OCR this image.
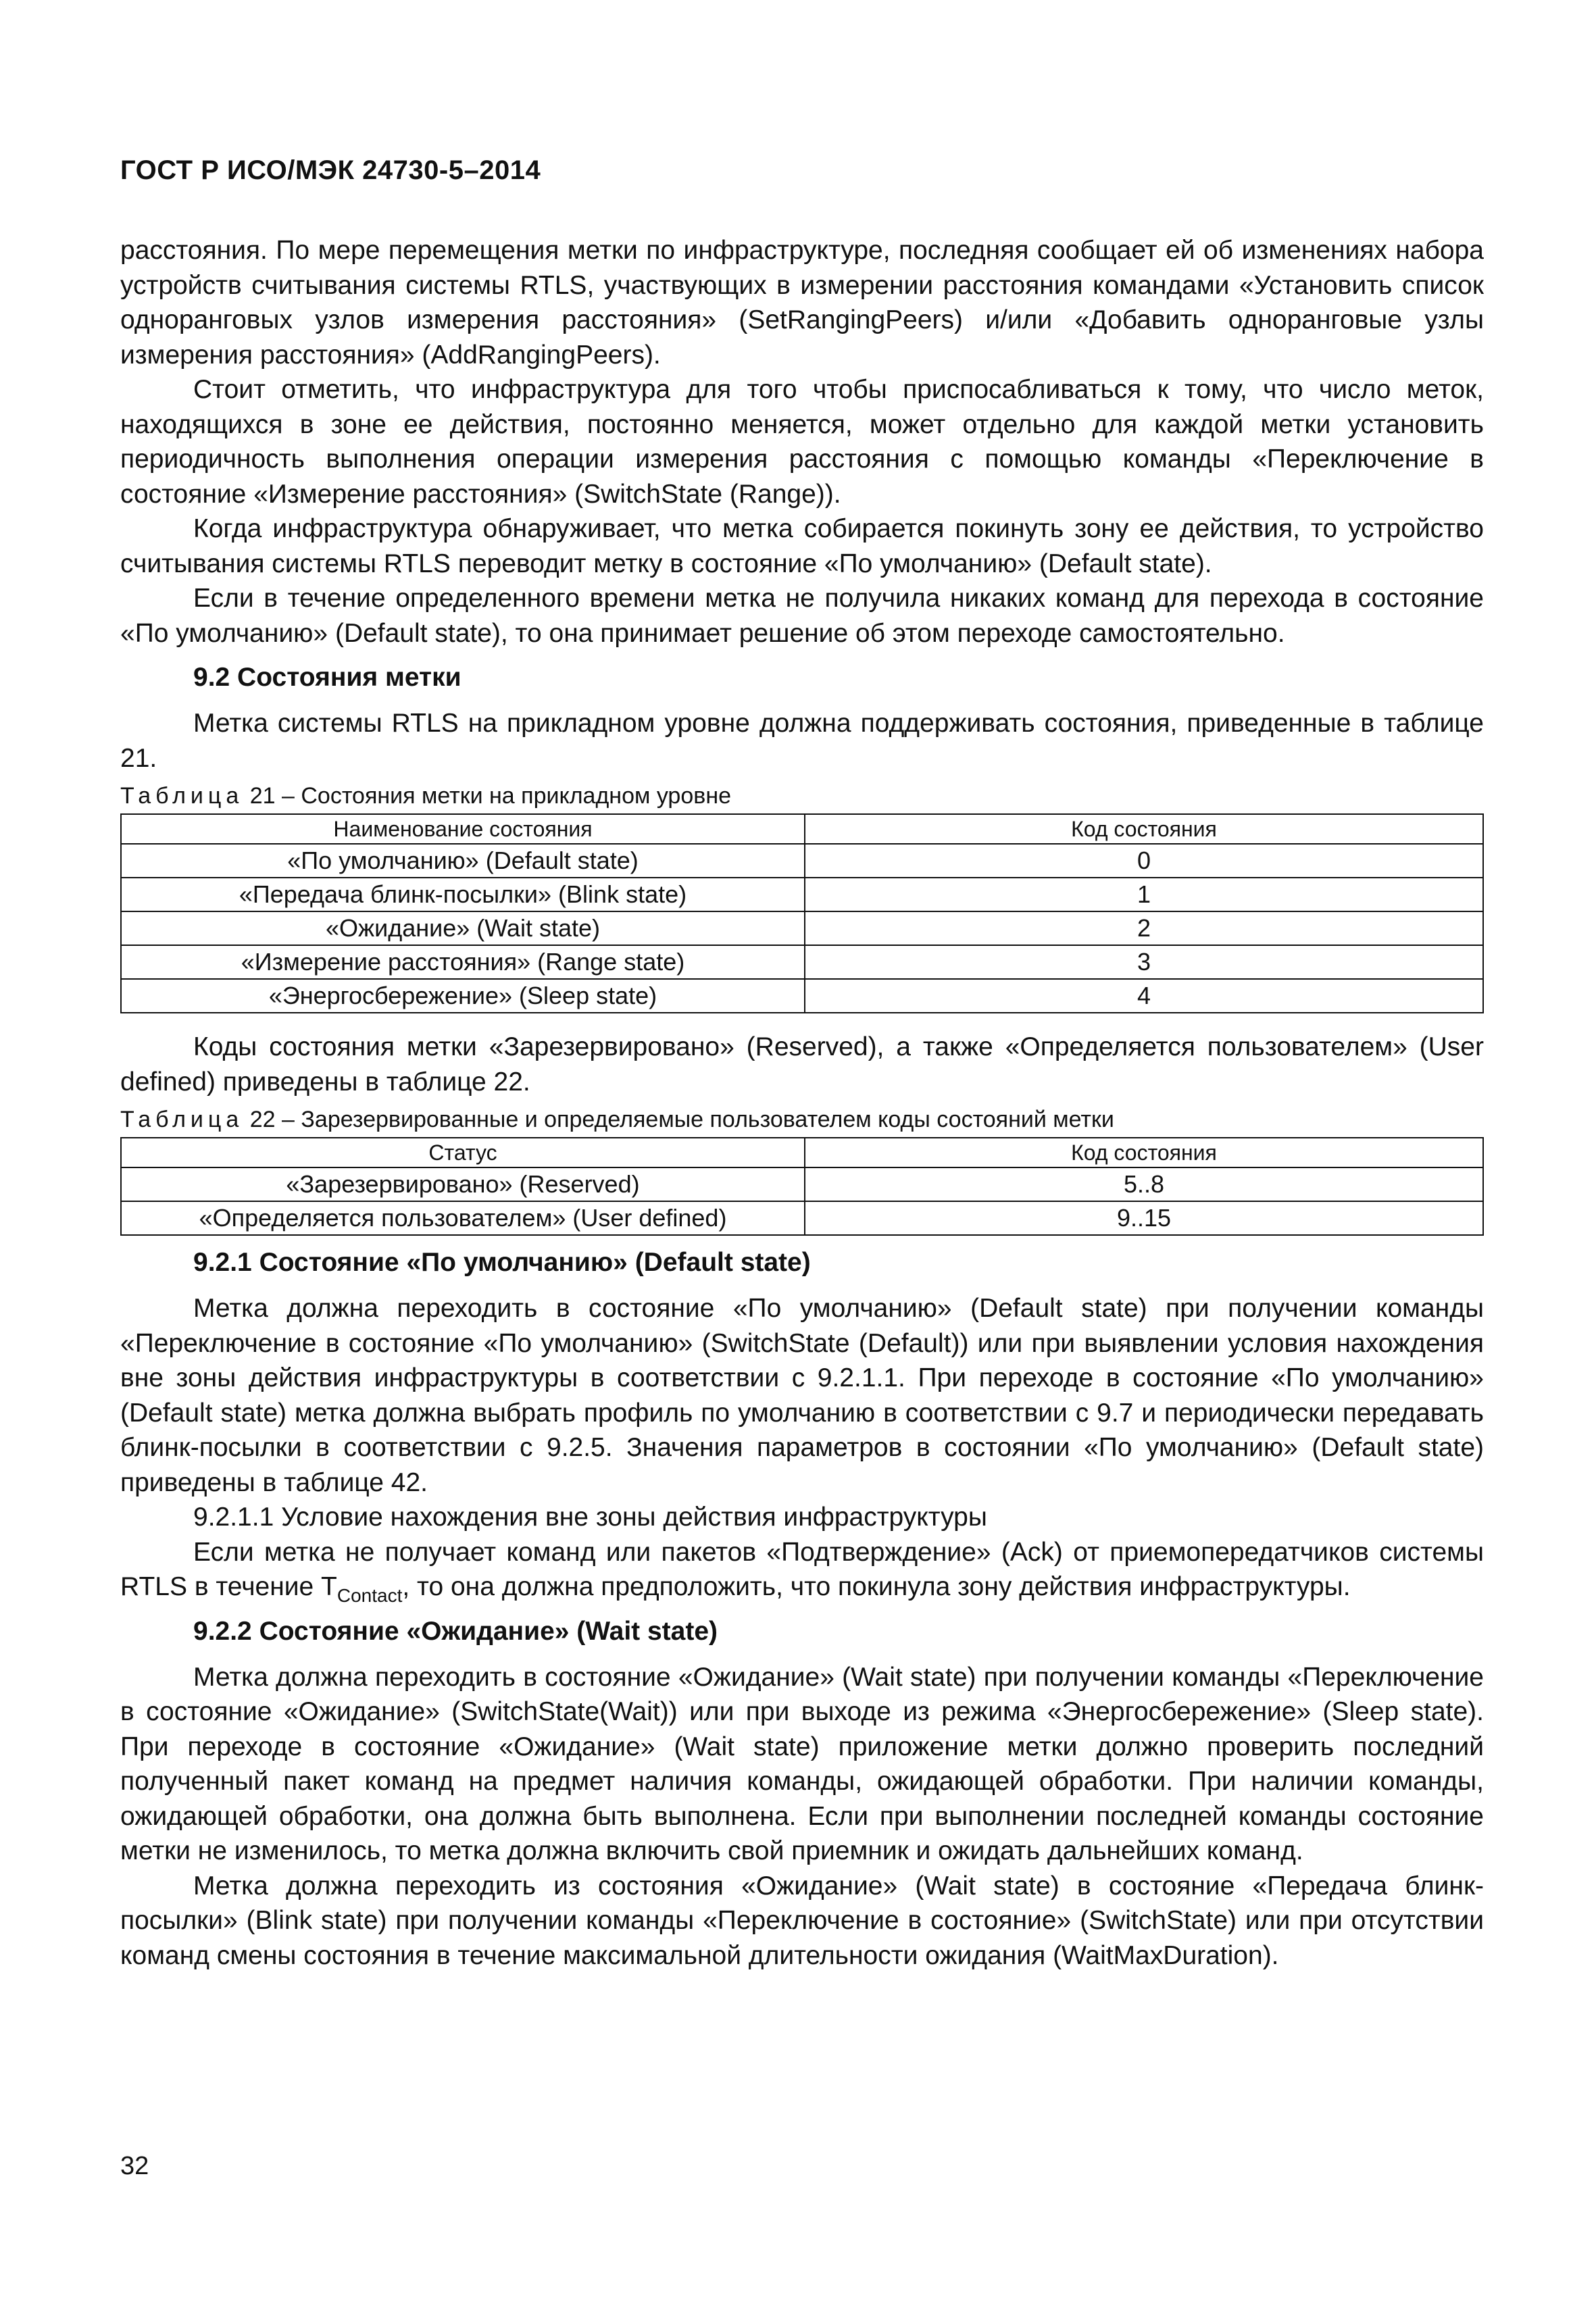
ГОСТ Р ИСО/МЭК 24730-5–2014

расстояния. По мере перемещения метки по инфраструктуре, последняя сообщает ей об изменениях набора устройств считывания системы RTLS, участвующих в измерении расстояния командами «Установить список одноранговых узлов измерения расстояния» (SetRangingPeers) и/или «Добавить одноранговые узлы измерения расстояния» (AddRangingPeers).

Стоит отметить, что инфраструктура для того чтобы приспосабливаться к тому, что число меток, находящихся в зоне ее действия, постоянно меняется, может отдельно для каждой метки установить периодичность выполнения операции измерения расстояния с помощью команды «Переключение в состояние «Измерение расстояния» (SwitchState (Range)).

Когда инфраструктура обнаруживает, что метка собирается покинуть зону ее действия, то устройство считывания системы RTLS переводит метку в состояние «По умолчанию» (Default state).

Если в течение определенного времени метка не получила никаких команд для перехода в состояние «По умолчанию» (Default state), то она принимает решение об этом переходе самостоятельно.

9.2 Состояния метки

Метка системы RTLS на прикладном уровне должна поддерживать состояния, приведенные в таблице 21.

Таблица 21 – Состояния метки на прикладном уровне
Наименование состояния	Код состояния
«По умолчанию» (Default state)	0
«Передача блинк-посылки» (Blink state)	1
«Ожидание» (Wait state)	2
«Измерение расстояния» (Range state)	3
«Энергосбережение» (Sleep state)	4

Коды состояния метки «Зарезервировано» (Reserved), а также «Определяется пользователем» (User defined) приведены в таблице 22.

Таблица 22 – Зарезервированные и определяемые пользователем коды состояний метки
Статус	Код состояния
«Зарезервировано» (Reserved)	5..8
«Определяется пользователем» (User defined)	9..15
9.2.1 Состояние «По умолчанию» (Default state)

Метка должна переходить в состояние «По умолчанию» (Default state) при получении команды «Переключение в состояние «По умолчанию» (SwitchState (Default)) или при выявлении условия нахождения вне зоны действия инфраструктуры в соответствии с 9.2.1.1. При переходе в состояние «По умолчанию» (Default state) метка должна выбрать профиль по умолчанию в соответствии с 9.7 и периодически передавать блинк-посылки в соответствии с 9.2.5. Значения параметров в состоянии «По умолчанию» (Default state) приведены в таблице 42.

9.2.1.1 Условие нахождения вне зоны действия инфраструктуры

Если метка не получает команд или пакетов «Подтверждение» (Ack) от приемопередатчиков системы RTLS в течение $T_{Contact}$, то она должна предположить, что покинула зону действия инфраструктуры.

9.2.2 Состояние «Ожидание» (Wait state)

Метка должна переходить в состояние «Ожидание» (Wait state) при получении команды «Переключение в состояние «Ожидание» (SwitchState(Wait)) или при выходе из режима «Энергосбережение» (Sleep state). При переходе в состояние «Ожидание» (Wait state) приложение метки должно проверить последний полученный пакет команд на предмет наличия команды, ожидающей обработки. При наличии команды, ожидающей обработки, она должна быть выполнена. Если при выполнении последней команды состояние метки не изменилось, то метка должна включить свой приемник и ожидать дальнейших команд.

Метка должна переходить из состояния «Ожидание» (Wait state) в состояние «Передача блинк-посылки» (Blink state) при получении команды «Переключение в состояние» (SwitchState) или при отсутствии команд смены состояния в течение максимальной длительности ожидания (WaitMaxDuration).

32
